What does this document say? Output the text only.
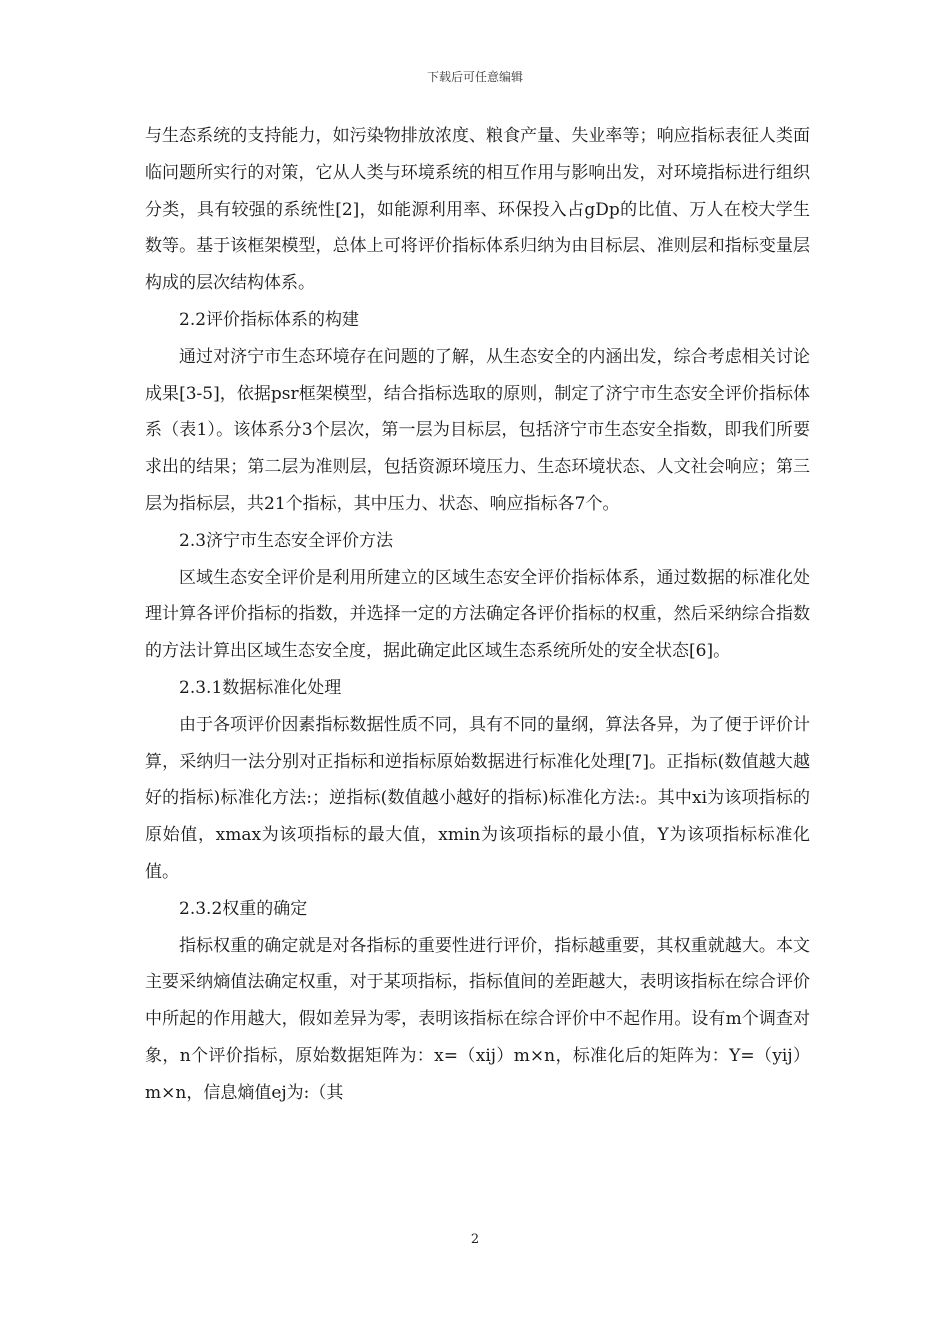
下载后可任意编辑

与生态系统的支持能力，如污染物排放浓度、粮食产量、失业率等；响应指标表征人类面临问题所实行的对策，它从人类与环境系统的相互作用与影响出发，对环境指标进行组织分类，具有较强的系统性[2]，如能源利用率、环保投入占gDp的比值、万人在校大学生数等。基于该框架模型，总体上可将评价指标体系归纳为由目标层、准则层和指标变量层构成的层次结构体系。

2.2评价指标体系的构建

通过对济宁市生态环境存在问题的了解，从生态安全的内涵出发，综合考虑相关讨论成果[3-5]，依据psr框架模型，结合指标选取的原则，制定了济宁市生态安全评价指标体系（表1）。该体系分3个层次，第一层为目标层，包括济宁市生态安全指数，即我们所要求出的结果；第二层为准则层，包括资源环境压力、生态环境状态、人文社会响应；第三层为指标层，共21个指标，其中压力、状态、响应指标各7个。

2.3济宁市生态安全评价方法

区域生态安全评价是利用所建立的区域生态安全评价指标体系，通过数据的标准化处理计算各评价指标的指数，并选择一定的方法确定各评价指标的权重，然后采纳综合指数的方法计算出区域生态安全度，据此确定此区域生态系统所处的安全状态[6]。

2.3.1数据标准化处理

由于各项评价因素指标数据性质不同，具有不同的量纲，算法各异，为了便于评价计算，采纳归一法分别对正指标和逆指标原始数据进行标准化处理[7]。正指标(数值越大越好的指标)标准化方法:；逆指标(数值越小越好的指标)标准化方法:。其中xi为该项指标的原始值，xmax为该项指标的最大值，xmin为该项指标的最小值，Y为该项指标标准化值。

2.3.2权重的确定

指标权重的确定就是对各指标的重要性进行评价，指标越重要，其权重就越大。本文主要采纳熵值法确定权重，对于某项指标，指标值间的差距越大，表明该指标在综合评价中所起的作用越大，假如差异为零，表明该指标在综合评价中不起作用。设有m个调查对象，n个评价指标，原始数据矩阵为：x=（xij）m×n，标准化后的矩阵为：Y=（yij）m×n，信息熵值ej为:（其

2
